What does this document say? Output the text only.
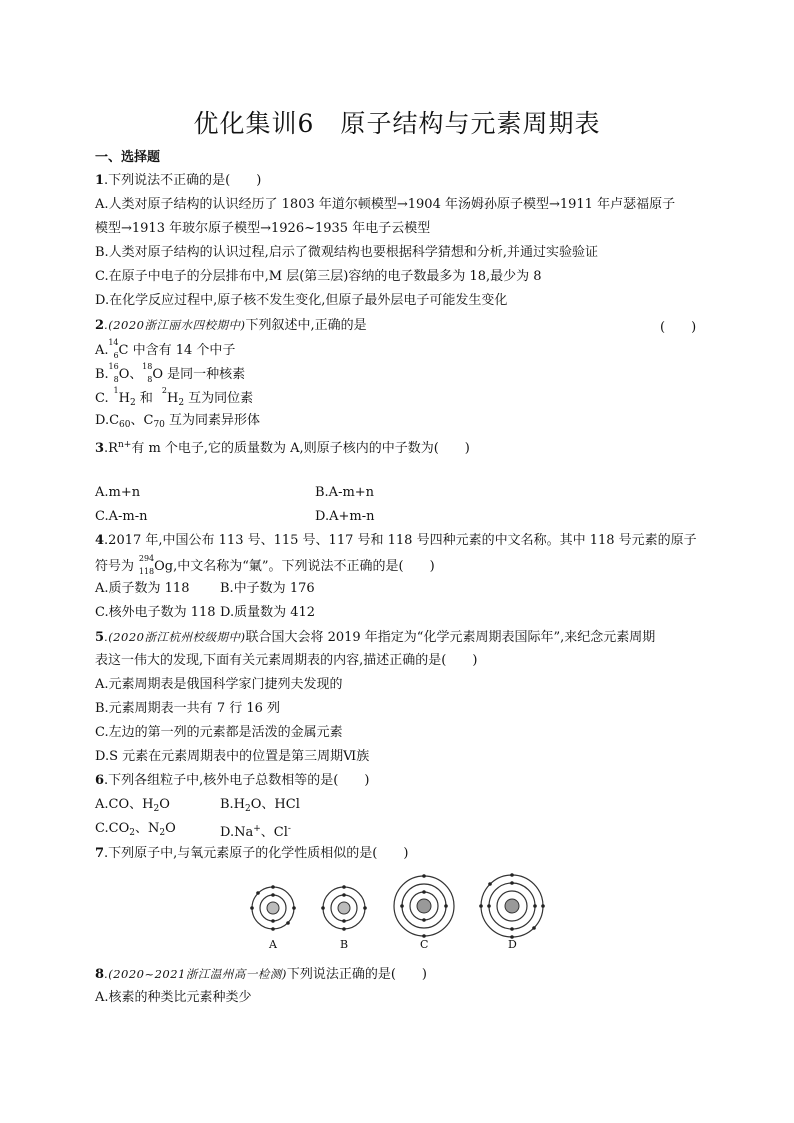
优化集训6　原子结构与元素周期表
一、选择题
1.下列说法不正确的是(　　)
A.人类对原子结构的认识经历了 1803 年道尔顿模型→1904 年汤姆孙原子模型→1911 年卢瑟福原子
模型→1913 年玻尔原子模型→1926~1935 年电子云模型
B.人类对原子结构的认识过程,启示了微观结构也要根据科学猜想和分析,并通过实验验证
C.在原子中电子的分层排布中,M 层(第三层)容纳的电子数最多为 18,最少为 8
D.在化学反应过程中,原子核不发生变化,但原子最外层电子可能发生变化
2.(2020浙江丽水四校期中)下列叙述中,正确的是	(　　)
A.
14
6 C 中含有 14 个中子
B.
16
8 O、
18
8 O 是同一种核素
C.
1
$H_2$ 和
2
$H_2$ 互为同位素
$D.C_{60}$、$C_{70}$ 互为同素异形体
$3.R^{n+}$有 m 个电子,它的质量数为 A,则原子核内的中子数为(　　)
A.m+n	B.A-m+n
C.A-m-n	D.A+m-n
4.2017 年,中国公布 113 号、115 号、117 号和 118 号四种元素的中文名称。其中 118 号元素的原子
符号为
294
118 Og,中文名称为“氭”。下列说法不正确的是(　　)
A.质子数为 118 B.中子数为 176
C.核外电子数为 118 D.质量数为 412
5.(2020浙江杭州校级期中)联合国大会将 2019 年指定为“化学元素周期表国际年”,来纪念元素周期
表这一伟大的发现,下面有关元素周期表的内容,描述正确的是(　　)
A.元素周期表是俄国科学家门捷列夫发现的
B.元素周期表一共有 7 行 16 列
C.左边的第一列的元素都是活泼的金属元素
D.S 元素在元素周期表中的位置是第三周期Ⅵ族
6.下列各组粒子中,核外电子总数相等的是(　　)
A.CO、$H_2O$	$B.H_2O$、HCl
$C.CO_2$、$N_2O$	D.Na+、Cl-
7.下列原子中,与氧元素原子的化学性质相似的是(　　)
A	B	C	D
8.(2020~2021浙江温州高一检测)下列说法正确的是(　　)
A.核素的种类比元素种类少
